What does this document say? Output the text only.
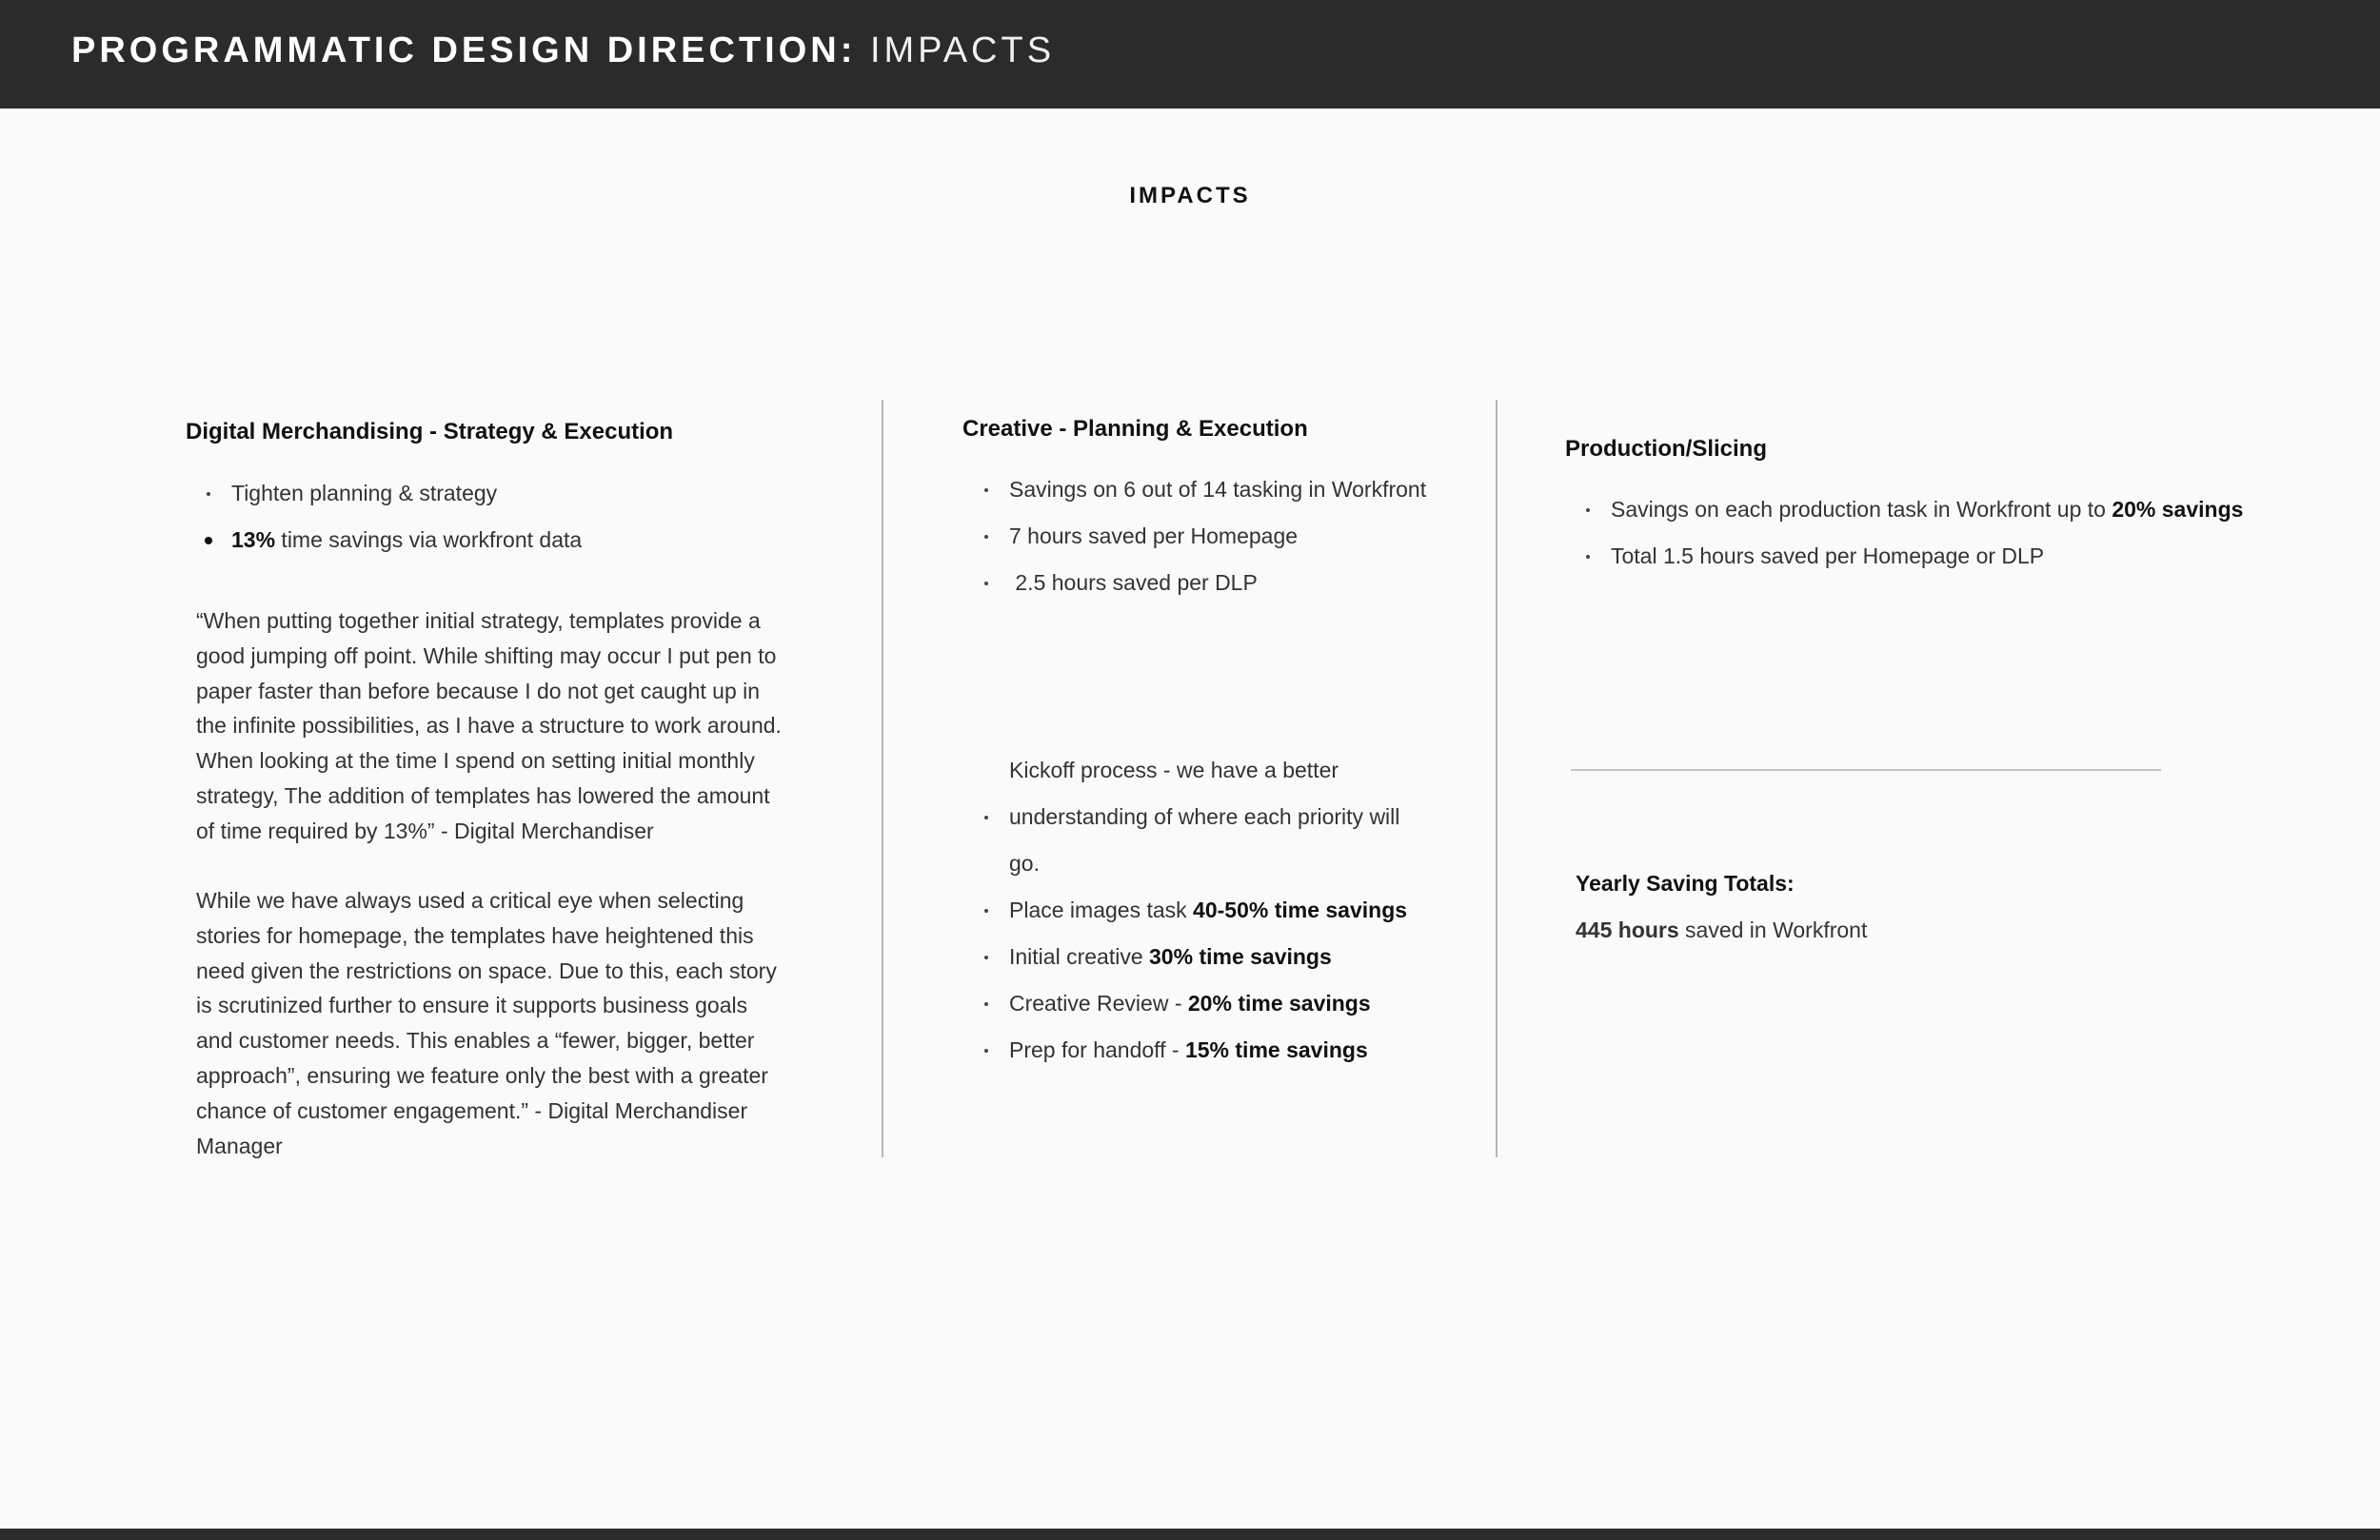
PROGRAMMATIC DESIGN DIRECTION: IMPACTS
IMPACTS
Digital Merchandising - Strategy & Execution
Tighten planning & strategy
13% time savings via workfront data

“When putting together initial strategy, templates provide a good jumping off point. While shifting may occur I put pen to paper faster than before because I do not get caught up in the infinite possibilities, as I have a structure to work around. When looking at the time I spend on setting initial monthly strategy, The addition of templates has lowered the amount of time required by 13%” - Digital Merchandiser

While we have always used a critical eye when selecting stories for homepage, the templates have heightened this need given the restrictions on space. Due to this, each story is scrutinized further to ensure it supports business goals and customer needs. This enables a “fewer, bigger, better approach”, ensuring we feature only the best with a greater chance of customer engagement.” - Digital Merchandiser Manager

Creative - Planning & Execution
Savings on 6 out of 14 tasking in Workfront
7 hours saved per Homepage
2.5 hours saved per DLP
Kickoff process - we have a better understanding of where each priority will go.
Place images task 40-50% time savings
Initial creative 30% time savings
Creative Review - 20% time savings
Prep for handoff - 15% time savings
Production/Slicing
Savings on each production task in Workfront up to 20% savings
Total 1.5 hours saved per Homepage or DLP
Yearly Saving Totals:
445 hours saved in Workfront
